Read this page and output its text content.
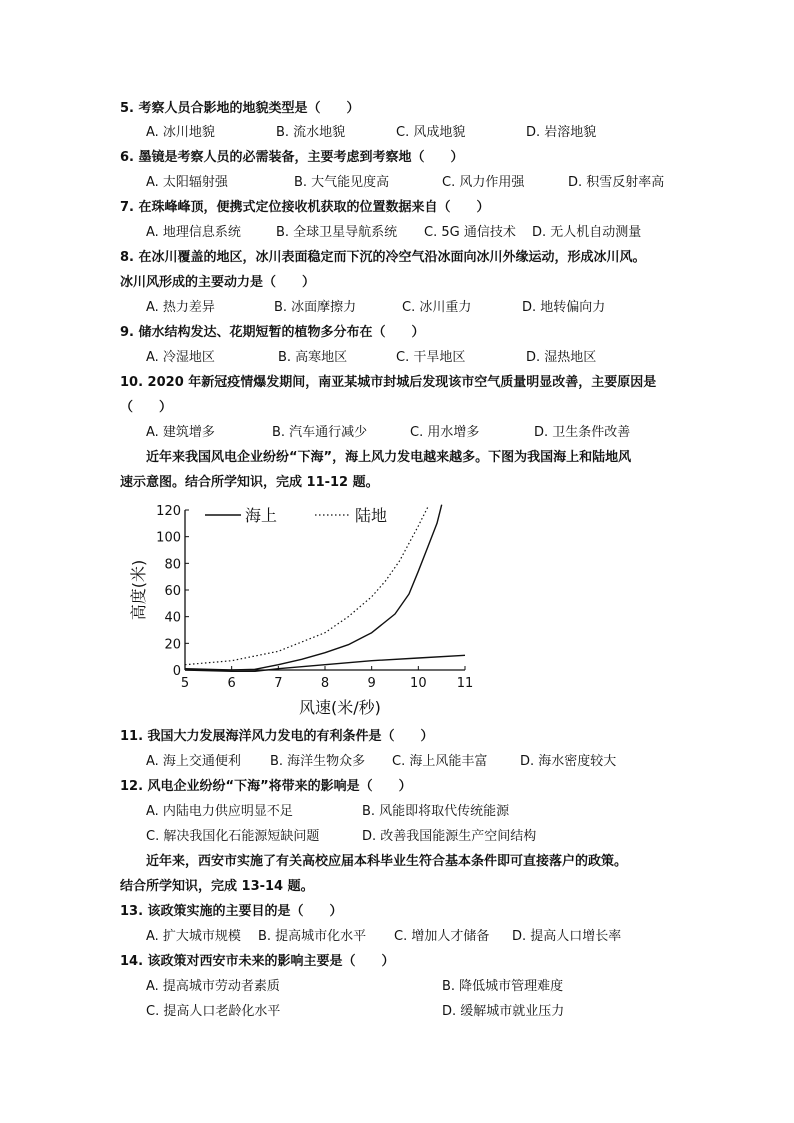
5. 考察人员合影地的地貌类型是（　　）
A. 冰川地貌	B. 流水地貌	C. 风成地貌	D. 岩溶地貌
6. 墨镜是考察人员的必需装备，主要考虑到考察地（　　）
A. 太阳辐射强	B. 大气能见度高	C. 风力作用强	D. 积雪反射率高
7. 在珠峰峰顶，便携式定位接收机获取的位置数据来自（　　）
A. 地理信息系统	B. 全球卫星导航系统 C. 5G 通信技术 D. 无人机自动测量
8. 在冰川覆盖的地区，冰川表面稳定而下沉的冷空气沿冰面向冰川外缘运动，形成冰川风。
冰川风形成的主要动力是（　　）
A. 热力差异	B. 冰面摩擦力	C. 冰川重力	D. 地转偏向力
9. 储水结构发达、花期短暂的植物多分布在（　　）
A. 冷湿地区	B. 高寒地区	C. 干旱地区	D. 湿热地区
10. 2020 年新冠疫情爆发期间，南亚某城市封城后发现该市空气质量明显改善，主要原因是
（　　）
A. 建筑增多	B. 汽车通行减少	C. 用水增多	D. 卫生条件改善
近年来我国风电企业纷纷“下海”，海上风力发电越来越多。下图为我国海上和陆地风
速示意图。结合所学知识，完成 11-12 题。
5	6	7	8	9	10 11
0
20
40
60
80
100
120
风速(米/秒)
高度(米)
海上	陆地
11. 我国大力发展海洋风力发电的有利条件是（　　）
A. 海上交通便利 B. 海洋生物众多 C. 海上风能丰富	D. 海水密度较大
12. 风电企业纷纷“下海”将带来的影响是（　　）
A. 内陆电力供应明显不足	B. 风能即将取代传统能源
C. 解决我国化石能源短缺问题	D. 改善我国能源生产空间结构
近年来，西安市实施了有关高校应届本科毕业生符合基本条件即可直接落户的政策。
结合所学知识，完成 13-14 题。
13. 该政策实施的主要目的是（　　）
A. 扩大城市规模 B. 提高城市化水平 C. 增加人才储备 D. 提高人口增长率
14. 该政策对西安市未来的影响主要是（　　）
A. 提高城市劳动者素质	B. 降低城市管理难度
C. 提高人口老龄化水平	D. 缓解城市就业压力
